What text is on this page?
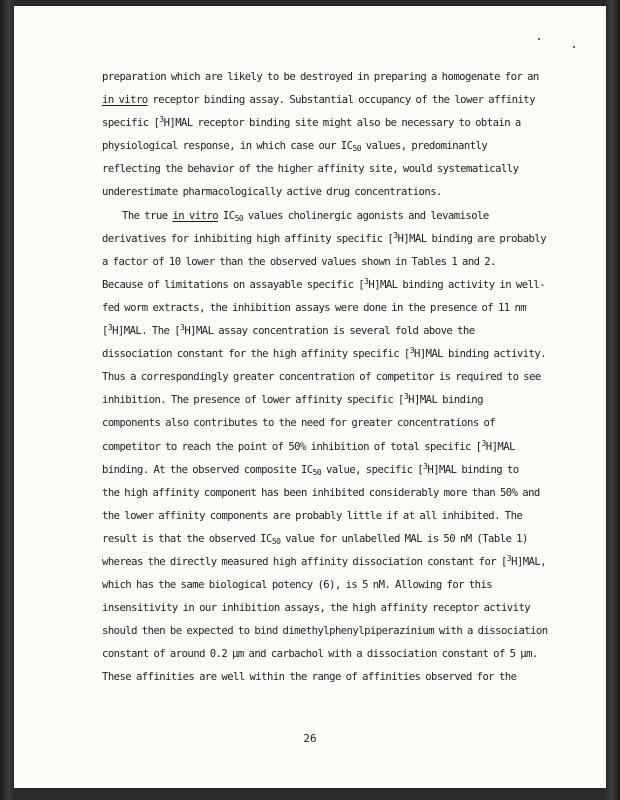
preparation which are likely to be destroyed in preparing a homogenate for an
in vitro receptor binding assay. Substantial occupancy of the lower affinity
specific [$^3$H]MAL receptor binding site might also be necessary to obtain a
physiological response, in which case our $IC_{50}$ values, predominantly
reflecting the behavior of the higher affinity site, would systematically
underestimate pharmacologically active drug concentrations.
The true in vitro $IC_{50}$ values cholinergic agonists and levamisole
derivatives for inhibiting high affinity specific [$^3$H]MAL binding are probably
a factor of 10 lower than the observed values shown in Tables 1 and 2.
Because of limitations on assayable specific [$^3$H]MAL binding activity in well-
fed worm extracts, the inhibition assays were done in the presence of 11 nm
[$^3$H]MAL. The [$^3$H]MAL assay concentration is several fold above the
dissociation constant for the high affinity specific [$^3$H]MAL binding activity.
Thus a correspondingly greater concentration of competitor is required to see
inhibition. The presence of lower affinity specific [$^3$H]MAL binding
components also contributes to the need for greater concentrations of
competitor to reach the point of 50% inhibition of total specific [$^3$H]MAL
binding. At the observed composite $IC_{50}$ value, specific [$^3$H]MAL binding to
the high affinity component has been inhibited considerably more than 50% and
the lower affinity components are probably little if at all inhibited. The
result is that the observed $IC_{50}$ value for unlabelled MAL is 50 nM (Table 1)
whereas the directly measured high affinity dissociation constant for [$^3$H]MAL,
which has the same biological potency (6), is 5 nM. Allowing for this
insensitivity in our inhibition assays, the high affinity receptor activity
should then be expected to bind dimethylphenylpiperazinium with a dissociation
constant of around 0.2 µm and carbachol with a dissociation constant of 5 µm.
These affinities are well within the range of affinities observed for the
26
